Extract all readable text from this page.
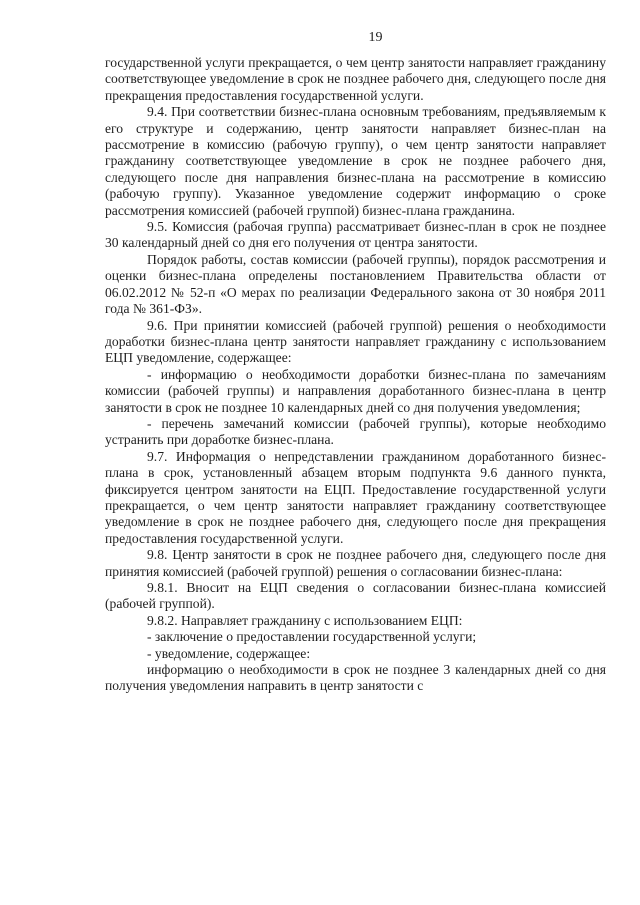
19

государственной услуги прекращается, о чем центр занятости направляет гражданину соответствующее уведомление в срок не позднее рабочего дня, следующего после дня прекращения предоставления государственной услуги.

9.4. При соответствии бизнес-плана основным требованиям, предъявляемым к его структуре и содержанию, центр занятости направляет бизнес-план на рассмотрение в комиссию (рабочую группу), о чем центр занятости направляет гражданину соответствующее уведомление в срок не позднее рабочего дня, следующего после дня направления бизнес-плана на рассмотрение в комиссию (рабочую группу). Указанное уведомление содержит информацию о сроке рассмотрения комиссией (рабочей группой) бизнес-плана гражданина.

9.5. Комиссия (рабочая группа) рассматривает бизнес-план в срок не позднее 30 календарный дней со дня его получения от центра занятости.

Порядок работы, состав комиссии (рабочей группы), порядок рассмотрения и оценки бизнес-плана определены постановлением Правительства области от 06.02.2012 № 52-п «О мерах по реализации Федерального закона от 30 ноября 2011 года № 361-ФЗ».

9.6. При принятии комиссией (рабочей группой) решения о необходимости доработки бизнес-плана центр занятости направляет гражданину с использованием ЕЦП уведомление, содержащее:

- информацию о необходимости доработки бизнес-плана по замечаниям комиссии (рабочей группы) и направления доработанного бизнес-плана в центр занятости в срок не позднее 10 календарных дней со дня получения уведомления;

- перечень замечаний комиссии (рабочей группы), которые необходимо устранить при доработке бизнес-плана.

9.7. Информация о непредставлении гражданином доработанного бизнес-плана в срок, установленный абзацем вторым подпункта 9.6 данного пункта, фиксируется центром занятости на ЕЦП. Предоставление государственной услуги прекращается, о чем центр занятости направляет гражданину соответствующее уведомление в срок не позднее рабочего дня, следующего после дня прекращения предоставления государственной услуги.

9.8. Центр занятости в срок не позднее рабочего дня, следующего после дня принятия комиссией (рабочей группой) решения о согласовании бизнес-плана:

9.8.1. Вносит на ЕЦП сведения о согласовании бизнес-плана комиссией (рабочей группой).

9.8.2. Направляет гражданину с использованием ЕЦП:

- заключение о предоставлении государственной услуги;

- уведомление, содержащее:

информацию о необходимости в срок не позднее 3 календарных дней со дня получения уведомления направить в центр занятости с
